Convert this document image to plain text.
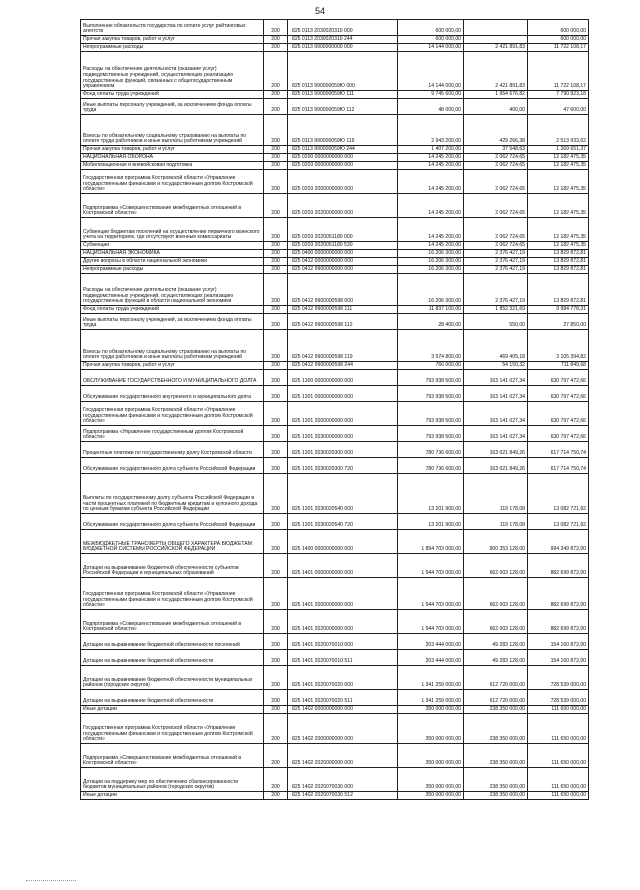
54
Выполнение обязательств государства по оплате услуг рейтинговых агентств	200	825 0113 2030020310 000	600 000,00		600 000,00
Прочая закупка товаров, работ и услуг	200	825 0113 2030020310 244	600 000,00		600 000,00
Непрограммные расходы	200	825 0113 9900000000 000	14 144 000,00	2 421 891,83	11 722 108,17
Расходы на обеспечение деятельности (оказание услуг) подведомственных учреждений, осуществляющих реализацию государственных функций, связанных с общегосударственным управлением	200	825 0113 990000059Ю 000	14 144 000,00	2 421 891,83	11 722 108,17
Фонд оплаты труда учреждений	200	825 0113 990000059Ю 111	9 745 600,00	1 954 676,82	7 790 923,18
Иные выплаты персоналу учреждений, за исключением фонда оплаты труда	200	825 0113 990000059Ю 112	48 000,00	400,00	47 600,00
Взносы по обязательному социальному страхованию на выплаты по оплате труда работников и иные выплаты работникам учреждений	200	825 0113 990000059Ю 119	2 943 200,00	429 266,38	2 513 933,62
Прочая закупка товаров, работ и услуг	200	825 0113 990000059Ю 244	1 407 200,00	37 548,63	1 369 651,37
НАЦИОНАЛЬНАЯ ОБОРОНА	200	825 0200 0000000000 000	14 245 200,00	2 062 724,65	12 182 475,35
Мобилизационная и вневойсковая подготовка	200	825 0203 0000000000 000	14 245 200,00	2 062 724,65	12 182 475,35
Государственная программа Костромской области «Управление государственными финансами и государственным долгом Костромской области»	200	825 0203 2000000000 000	14 245 200,00	2 062 724,65	12 182 475,35
Подпрограмма «Совершенствование межбюджетных отношений в Костромской области»	200	825 0203 2020000000 000	14 245 200,00	2 062 724,65	12 182 475,35
Субвенции бюджетам поселений на осуществление первичного воинского учета на территориях, где отсутствуют военные комиссариаты	200	825 0203 2020051180 000	14 245 200,00	2 062 724,65	12 182 475,35
Субвенции	200	825 0203 2020051180 530	14 245 200,00	2 062 724,65	12 182 475,35
НАЦИОНАЛЬНАЯ ЭКОНОМИКА	200	825 0400 0000000000 000	16 206 300,00	2 376 427,19	13 829 872,81
Другие вопросы в области национальной экономики	200	825 0412 0000000000 000	16 206 300,00	2 376 427,19	13 829 872,81
Непрограммные расходы	200	825 0412 9900000000 000	16 206 300,00	2 376 427,19	13 829 872,81
Расходы на обеспечение деятельности (оказание услуг) подведомственных учреждений, осуществляющих реализацию государственных функций в области национальной экономики	200	825 0412 9900000598 000	16 206 300,00	2 376 427,19	13 829 872,81
Фонд оплаты труда учреждений	200	825 0412 9900000598 111	11 837 100,00	1 852 321,69	9 984 778,31
Иные выплаты персоналу учреждений, за исключением фонда оплаты труда	200	825 0412 9900000598 112	28 400,00	550,00	27 850,00
Взносы по обязательному социальному страхованию на выплаты по оплате труда работников и иные выплаты работникам учреждений	200	825 0412 9900000598 119	3 574 800,00	469 405,18	3 105 394,82
Прочая закупка товаров, работ и услуг	200	825 0412 9900000598 244	766 000,00	54 150,32	711 849,68
ОБСЛУЖИВАНИЕ ГОСУДАРСТВЕННОГО И МУНИЦИПАЛЬНОГО ДОЛГА	200	825 1300 0000000000 000	793 938 500,00	163 141 027,34	630 797 472,66
Обслуживание государственного внутреннего и муниципального долга	200	825 1301 0000000000 000	793 938 500,00	163 141 027,34	630 797 472,66
Государственная программа Костромской области «Управление государственными финансами и государственным долгом Костромской области»	200	825 1301 2000000000 000	793 938 500,00	163 141 027,34	630 797 472,66
Подпрограмма «Управление государственным долгом Костромской области»	200	825 1301 2030000000 000	793 938 500,00	163 141 027,34	630 797 472,66
Процентные платежи по государственному долгу Костромской области	200	825 1301 2030020300 000	780 736 600,00	163 021 849,26	617 714 750,74
Обслуживание государственного долга субъекта Российской Федерации	200	825 1301 2030020300 720	780 736 600,00	163 021 849,26	617 714 750,74
Выплаты по государственному долгу субъекта Российской Федерации в части процентных платежей по бюджетным кредитам и купонного дохода по ценным бумагам субъекта Российской Федерации	200	825 1301 2030020540 000	13 201 900,00	119 178,08	13 082 721,92
Обслуживание государственного долга субъекта Российской Федерации	200	825 1301 2030020540 720	13 201 900,00	119 178,08	13 082 721,92
МЕЖБЮДЖЕТНЫЕ ТРАНСФЕРТЫ ОБЩЕГО ХАРАКТЕРА БЮДЖЕТАМ БЮДЖЕТНОЙ СИСТЕМЫ РОССИЙСКОЙ ФЕДЕРАЦИИ	200	825 1400 0000000000 000	1 894 703 000,00	900 353 128,00	994 349 872,00
Дотации на выравнивание бюджетной обеспеченности субъектов Российской Федерации и муниципальных образований	200	825 1401 0000000000 000	1 544 703 000,00	662 003 128,00	882 699 872,00
Государственная программа Костромской области «Управление государственными финансами и государственным долгом Костромской области»	200	825 1401 2000000000 000	1 544 703 000,00	662 003 128,00	882 699 872,00
Подпрограмма «Совершенствование межбюджетных отношений в Костромской области»	200	825 1401 2020000000 000	1 544 703 000,00	662 003 128,00	882 699 872,00
Дотации на выравнивание бюджетной обеспеченности поселений	200	825 1401 2020070010 000	203 444 000,00	49 283 128,00	154 160 872,00
Дотации на выравнивание бюджетной обеспеченности	200	825 1401 2020070010 511	203 444 000,00	49 283 128,00	154 160 872,00
Дотации на выравнивание бюджетной обеспеченности муниципальных районов (городских округов)	200	825 1401 2020070020 000	1 341 259 000,00	612 720 000,00	728 539 000,00
Дотации на выравнивание бюджетной обеспеченности	200	825 1401 2020070020 511	1 341 259 000,00	612 720 000,00	728 539 000,00
Иные дотации	200	825 1402 0000000000 000	350 000 000,00	238 350 000,00	111 650 000,00
Государственная программа Костромской области «Управление государственными финансами и государственным долгом Костромской области»	200	825 1402 2000000000 000	350 000 000,00	238 350 000,00	111 650 000,00
Подпрограмма «Совершенствование межбюджетных отношений в Костромской области»	200	825 1402 2020000000 000	350 000 000,00	238 350 000,00	111 650 000,00
Дотации на поддержку мер по обеспечению сбалансированности бюджетов муниципальных районов (городских округов)	200	825 1402 2020070030 000	350 000 000,00	238 350 000,00	111 650 000,00
Иные дотации	200	825 1402 2020070030 512	350 000 000,00	238 350 000,00	111 650 000,00
